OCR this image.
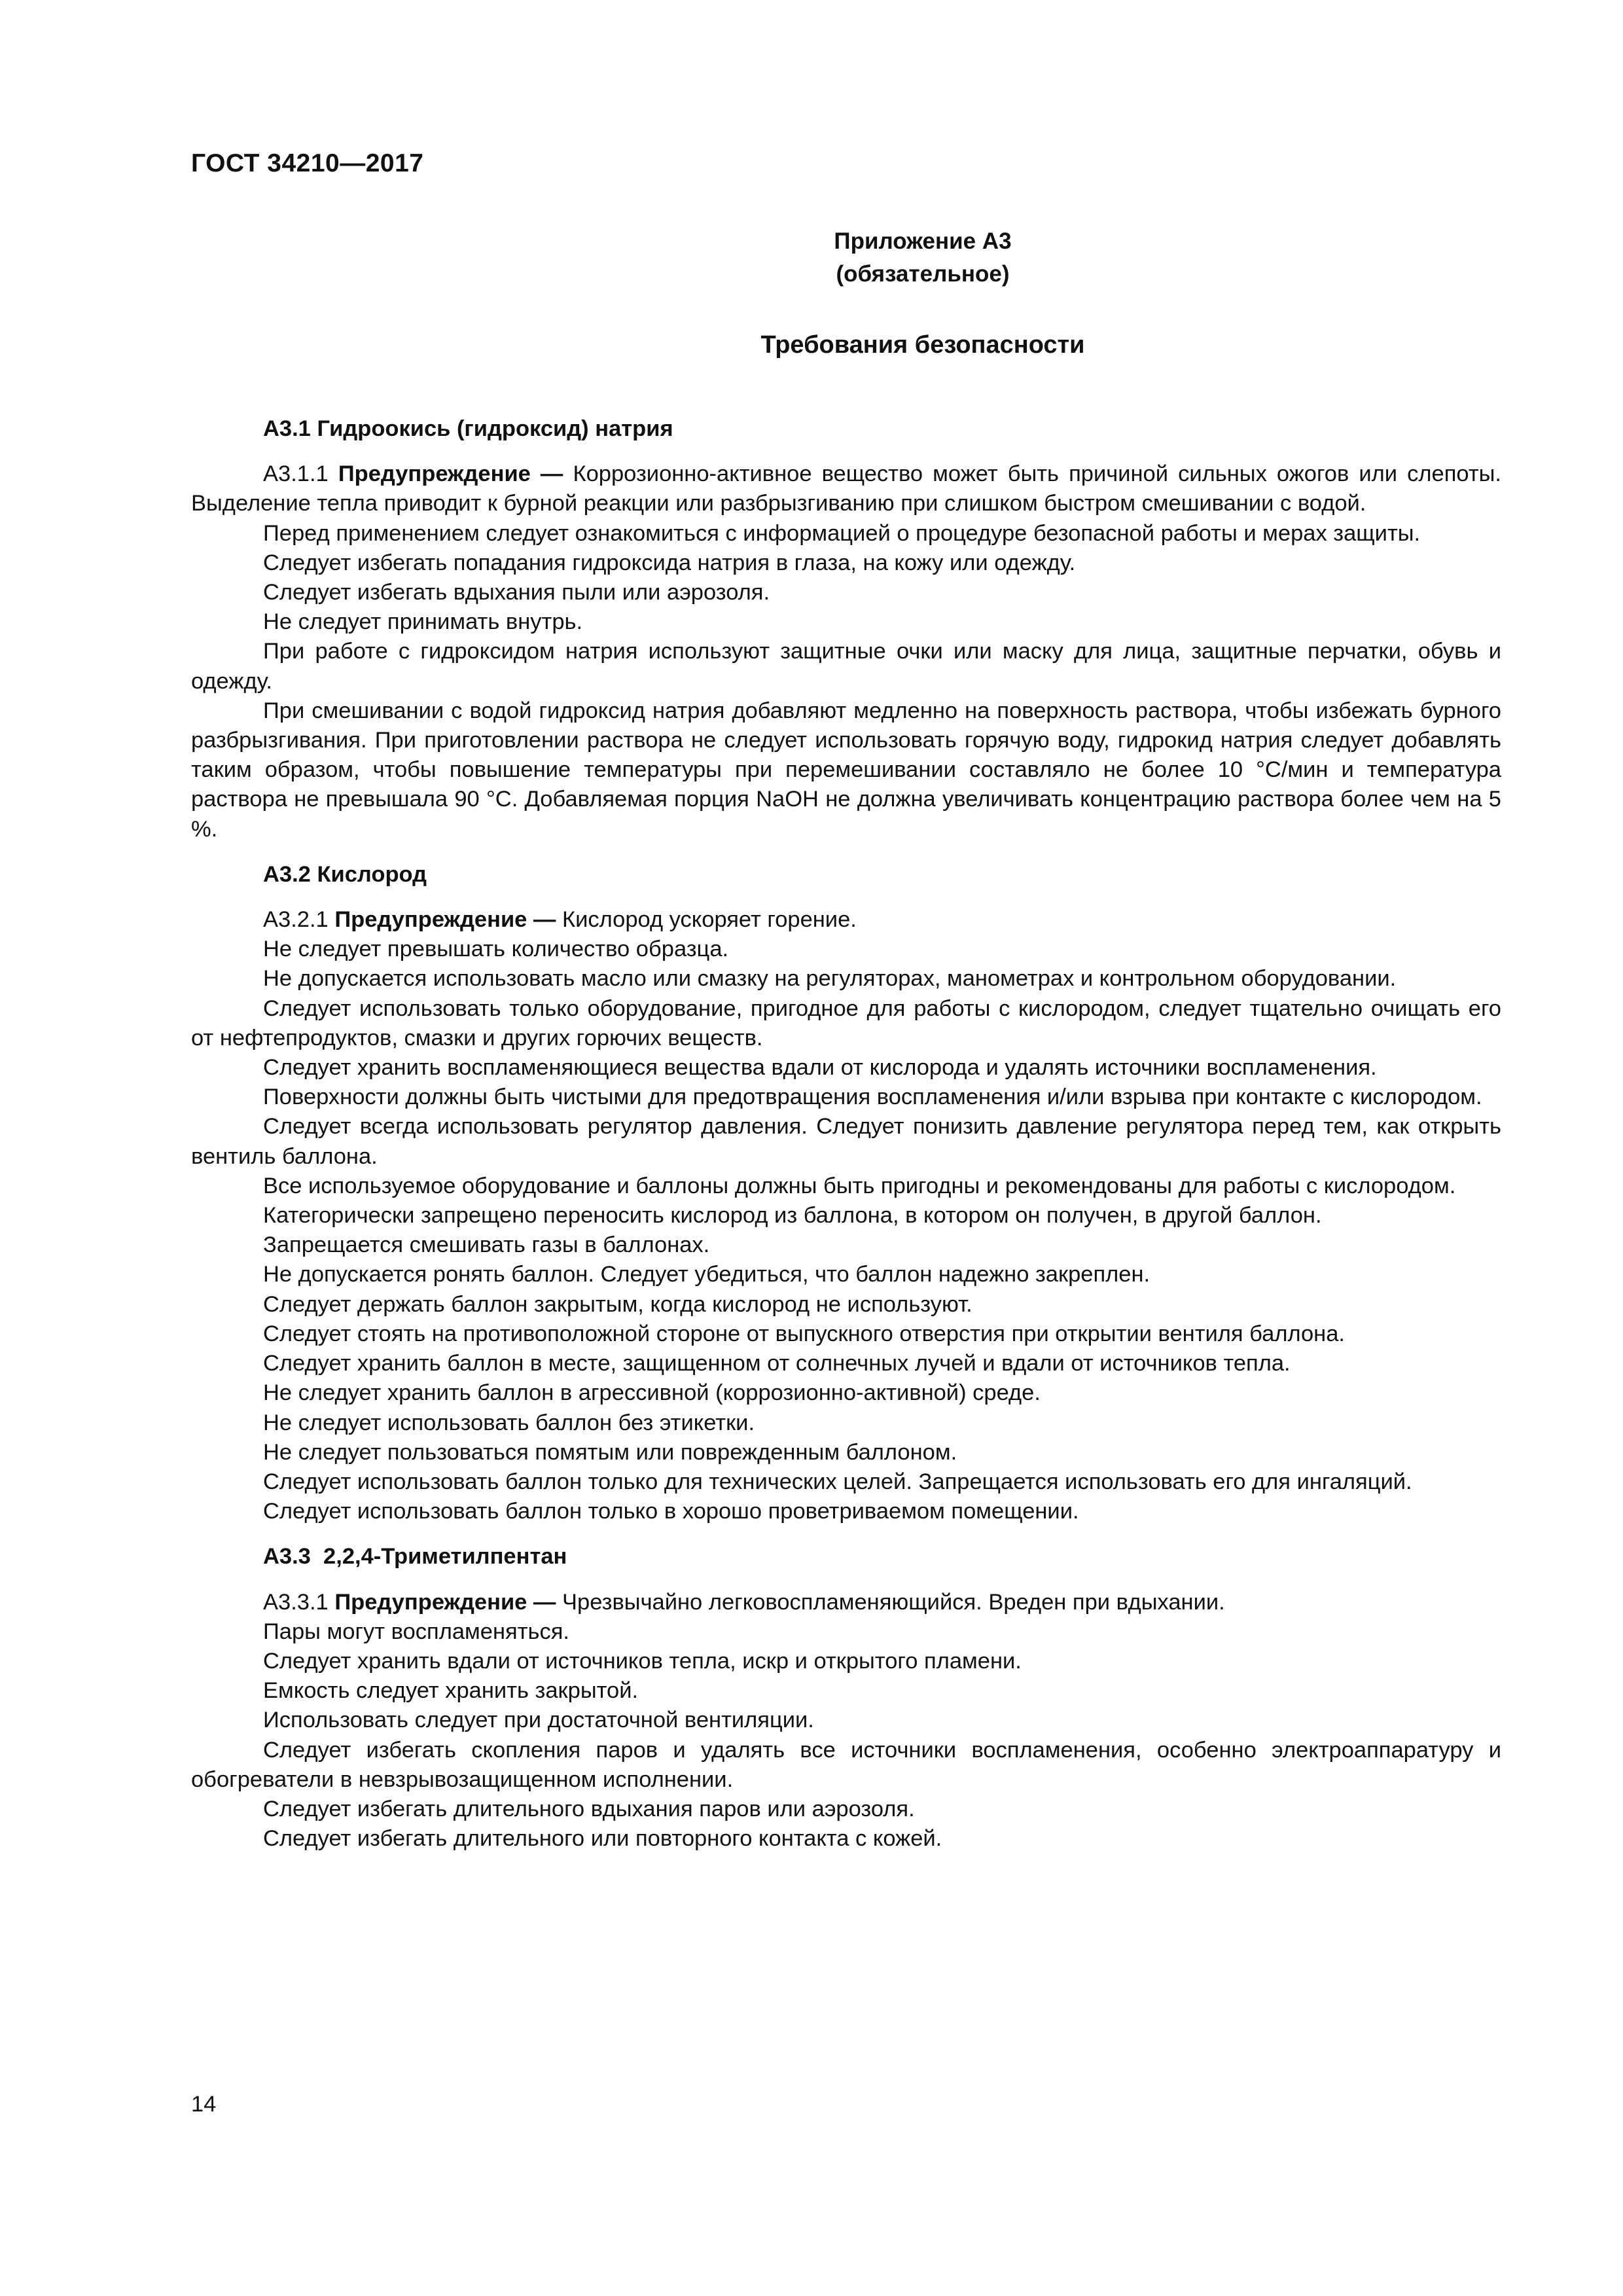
ГОСТ 34210—2017
Приложение А3
(обязательное)
Требования безопасности
А3.1 Гидроокись (гидроксид) натрия
А3.1.1 Предупреждение — Коррозионно-активное вещество может быть причиной сильных ожогов или слепоты. Выделение тепла приводит к бурной реакции или разбрызгиванию при слишком быстром смешивании с водой.
Перед применением следует ознакомиться с информацией о процедуре безопасной работы и мерах защиты.
Следует избегать попадания гидроксида натрия в глаза, на кожу или одежду.
Следует избегать вдыхания пыли или аэрозоля.
Не следует принимать внутрь.
При работе с гидроксидом натрия используют защитные очки или маску для лица, защитные перчатки, обувь и одежду.
При смешивании с водой гидроксид натрия добавляют медленно на поверхность раствора, чтобы избежать бурного разбрызгивания. При приготовлении раствора не следует использовать горячую воду, гидрокид натрия следует добавлять таким образом, чтобы повышение температуры при перемешивании составляло не более 10 °С/мин и температура раствора не превышала 90 °С. Добавляемая порция NaOH не должна увеличивать концентрацию раствора более чем на 5 %.
А3.2 Кислород
А3.2.1 Предупреждение — Кислород ускоряет горение.
Не следует превышать количество образца.
Не допускается использовать масло или смазку на регуляторах, манометрах и контрольном оборудовании.
Следует использовать только оборудование, пригодное для работы с кислородом, следует тщательно очищать его от нефтепродуктов, смазки и других горючих веществ.
Следует хранить воспламеняющиеся вещества вдали от кислорода и удалять источники воспламенения.
Поверхности должны быть чистыми для предотвращения воспламенения и/или взрыва при контакте с кислородом.
Следует всегда использовать регулятор давления. Следует понизить давление регулятора перед тем, как открыть вентиль баллона.
Все используемое оборудование и баллоны должны быть пригодны и рекомендованы для работы с кислородом.
Категорически запрещено переносить кислород из баллона, в котором он получен, в другой баллон.
Запрещается смешивать газы в баллонах.
Не допускается ронять баллон. Следует убедиться, что баллон надежно закреплен.
Следует держать баллон закрытым, когда кислород не используют.
Следует стоять на противоположной стороне от выпускного отверстия при открытии вентиля баллона.
Следует хранить баллон в месте, защищенном от солнечных лучей и вдали от источников тепла.
Не следует хранить баллон в агрессивной (коррозионно-активной) среде.
Не следует использовать баллон без этикетки.
Не следует пользоваться помятым или поврежденным баллоном.
Следует использовать баллон только для технических целей. Запрещается использовать его для ингаляций.
Следует использовать баллон только в хорошо проветриваемом помещении.
А3.3  2,2,4-Триметилпентан
А3.3.1 Предупреждение — Чрезвычайно легковоспламеняющийся. Вреден при вдыхании.
Пары могут воспламеняться.
Следует хранить вдали от источников тепла, искр и открытого пламени.
Емкость следует хранить закрытой.
Использовать следует при достаточной вентиляции.
Следует избегать скопления паров и удалять все источники воспламенения, особенно электроаппаратуру и обогреватели в невзрывозащищенном исполнении.
Следует избегать длительного вдыхания паров или аэрозоля.
Следует избегать длительного или повторного контакта с кожей.
14
